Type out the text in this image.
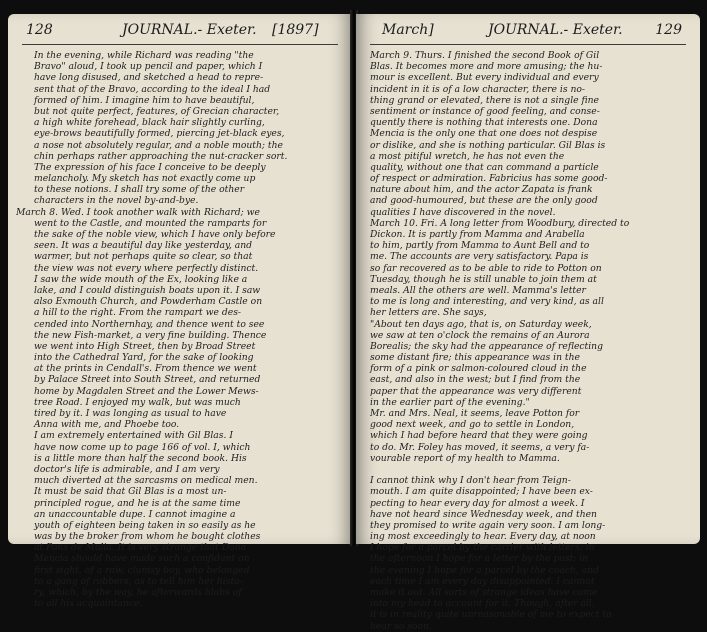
128	JOURNAL.- Exeter. [1897]
In the evening, while Richard was reading "the
Bravo" aloud, I took up pencil and paper, which I
have long disused, and sketched a head to repre-
sent that of the Bravo, according to the ideal I had
formed of him. I imagine him to have beautiful,
but not quite perfect, features, of Grecian character,
a high white forehead, black hair slightly curling,
eye-brows beautifully formed, piercing jet-black eyes,
a nose not absolutely regular, and a noble mouth; the
chin perhaps rather approaching the nut-cracker sort.
The expression of his face I conceive to be deeply
melancholy. My sketch has not exactly come up
to these notions. I shall try some of the other
characters in the novel by-and-bye.
March 8. Wed. I took another walk with Richard; we
went to the Castle, and mounted the ramparts for
the sake of the noble view, which I have only before
seen. It was a beautiful day like yesterday, and
warmer, but not perhaps quite so clear, so that
the view was not every where perfectly distinct.
I saw the wide mouth of the Ex, looking like a
lake, and I could distinguish boats upon it. I saw
also Exmouth Church, and Powderham Castle on
a hill to the right. From the rampart we des-
cended into Northernhay, and thence went to see
the new Fish-market, a very fine building. Thence
we went into High Street, then by Broad Street
into the Cathedral Yard, for the sake of looking
at the prints in Cendall's. From thence we went
by Palace Street into South Street, and returned
home by Magdalen Street and the Lower Mews-
tree Road. I enjoyed my walk, but was much
tired by it. I was longing as usual to have
Anna with me, and Phoebe too.
I am extremely entertained with Gil Blas. I
have now come up to page 166 of vol. I, which
is a little more than half the second book. His
doctor's life is admirable, and I am very
much diverted at the sarcasms on medical men.
It must be said that Gil Blas is a most un-
principled rogue, and he is at the same time
an unaccountable dupe. I cannot imagine a
youth of eighteen being taken in so easily as he
was by the broker from whom he bought clothes
at Pons de Mulia. It is very strange that Dona
Mencia should have made such a confidant on
first sight, of a raw, clumsy boy, who belonged
to a gang of robbers, as to tell him her histo-
ry, which, by the way, he afterwards blabs of
to all his acquaintance.
March]	JOURNAL.- Exeter. 129
March 9. Thurs. I finished the second Book of Gil
Blas. It becomes more and more amusing; the hu-
mour is excellent. But every individual and every
incident in it is of a low character, there is no-
thing grand or elevated, there is not a single fine
sentiment or instance of good feeling, and conse-
quently there is nothing that interests one. Dona
Mencia is the only one that one does not despise
or dislike, and she is nothing particular. Gil Blas is
a most pitiful wretch, he has not even the
quality, without one that can command a particle
of respect or admiration. Fabricius has some good-
nature about him, and the actor Zapata is frank
and good-humoured, but these are the only good
qualities I have discovered in the novel.
March 10. Fri. A long letter from Woodbury, directed to
Dickon. It is partly from Mamma and Arabella
to him, partly from Mamma to Aunt Bell and to
me. The accounts are very satisfactory. Papa is
so far recovered as to be able to ride to Potton on
Tuesday, though he is still unable to join them at
meals. All the others are well. Mamma's letter
to me is long and interesting, and very kind, as all
her letters are. She says,
"About ten days ago, that is, on Saturday week,
we saw at ten o'clock the remains of an Aurora
Borealis; the sky had the appearance of reflecting
some distant fire; this appearance was in the
form of a pink or salmon-coloured cloud in the
east, and also in the west; but I find from the
paper that the appearance was very different
in the earlier part of the evening."
Mr. and Mrs. Neal, it seems, leave Potton for
good next week, and go to settle in London,
which I had before heard that they were going
to do. Mr. Foley has moved, it seems, a very fa-
vourable report of my health to Mamma.
I cannot think why I don't hear from Teign-
mouth. I am quite disappointed; I have been ex-
pecting to hear every day for almost a week. I
have not heard since Wednesday week, and then
they promised to write again very soon. I am long-
ing most exceedingly to hear. Every day, at noon
I hope for a parcel by the carrier with letters; in
the afternoon I hope for a letter by the post; in
the evening I hope for a parcel by the coach, and
each time I am every day disappointed. I cannot
make it out. All sorts of strange ideas have come
into my head to account for it. Though, after all,
it is in reality quite unreasonable of me to expect to
hear so soon.
